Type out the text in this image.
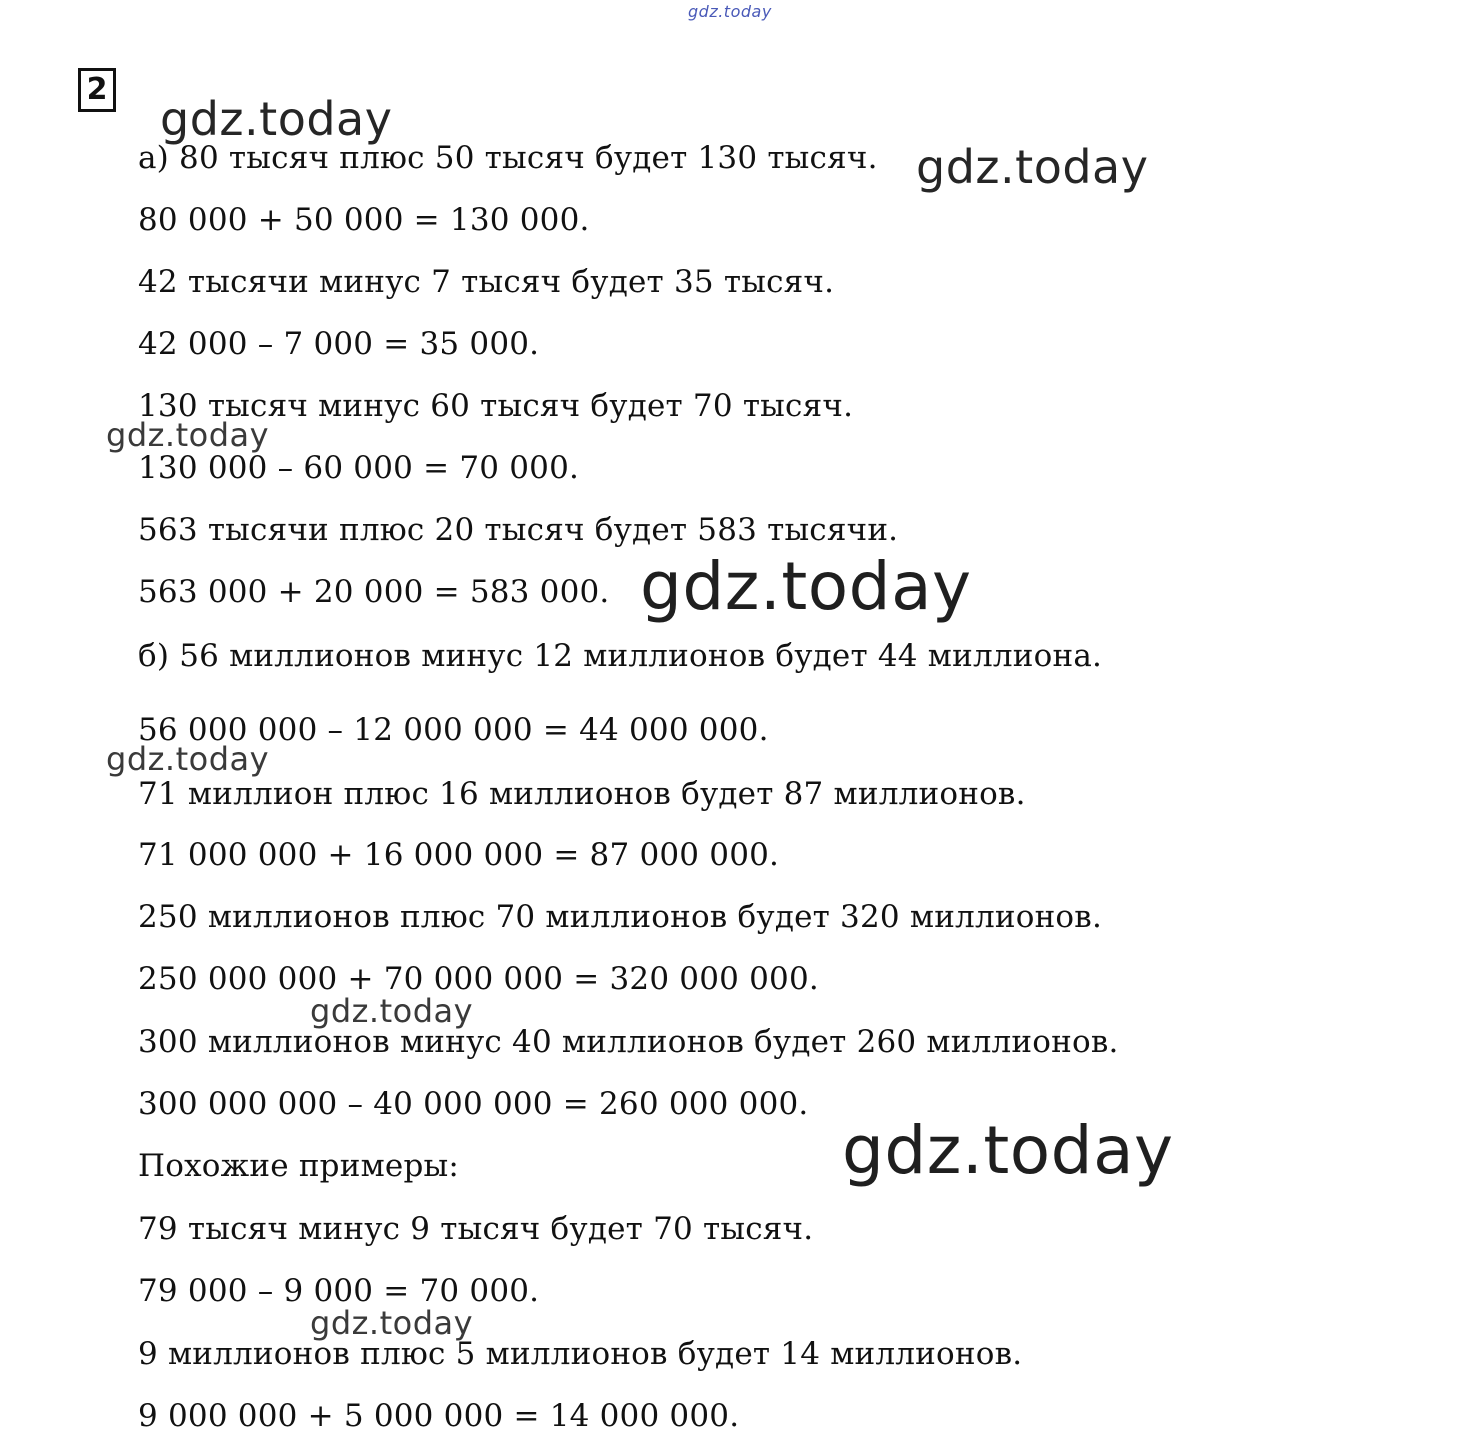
2
а) 80 тысяч плюс 50 тысяч будет 130 тысяч.
80 000 + 50 000 = 130 000.
42 тысячи минус 7 тысяч будет 35 тысяч.
42 000 – 7 000 = 35 000.
130 тысяч минус 60 тысяч будет 70 тысяч.
130 000 – 60 000 = 70 000.
563 тысячи плюс 20 тысяч будет 583 тысячи.
563 000 + 20 000 = 583 000.
б) 56 миллионов минус 12 миллионов будет 44 миллиона.
56 000 000 – 12 000 000 = 44 000 000.
71 миллион плюс 16 миллионов будет 87 миллионов.
71 000 000 + 16 000 000 = 87 000 000.
250 миллионов плюс 70 миллионов будет 320 миллионов.
250 000 000 + 70 000 000 = 320 000 000.
300 миллионов минус 40 миллионов будет 260 миллионов.
300 000 000 – 40 000 000 = 260 000 000.
Похожие примеры:
79 тысяч минус 9 тысяч будет 70 тысяч.
79 000 – 9 000 = 70 000.
9 миллионов плюс 5 миллионов будет 14 миллионов.
9 000 000 + 5 000 000 = 14 000 000.
gdz.today
gdz.today
gdz.today
gdz.today
gdz.today
gdz.today
gdz.today
gdz.today
gdz.today
